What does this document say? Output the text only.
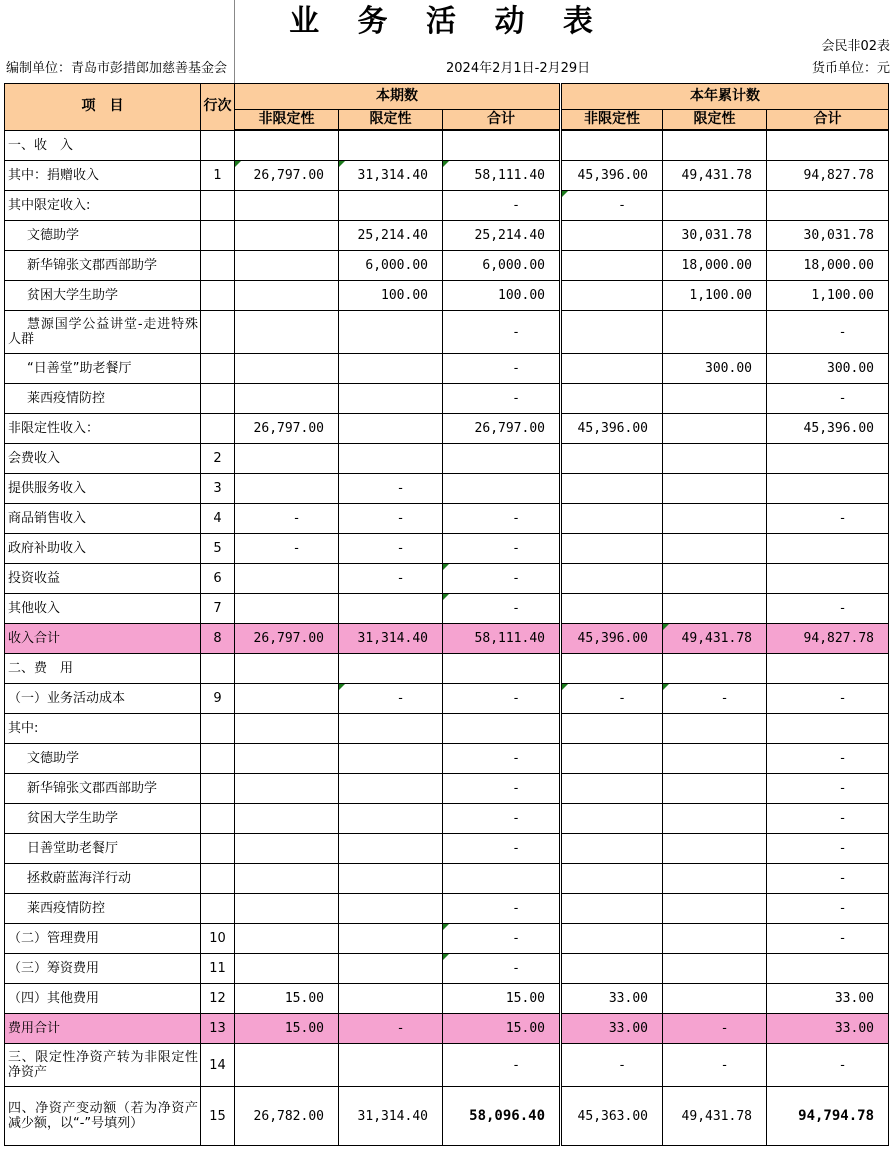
业 务 活 动 表
会民非02表
编制单位：青岛市彭措郎加慈善基金会	2024年2月1日-2月29日	货币单位：元
项　目	行次	本期数			本年累计数		
		非限定性	限定性	合计	非限定性	限定性	合计
一、收　入							
其中：捐赠收入	1	26,797.00	31,314.40	58,111.40	45,396.00	49,431.78	94,827.78
其中限定收入:				-	-		
文德助学			25,214.40	25,214.40		30,031.78	30,031.78
新华锦张文郡西部助学			6,000.00	6,000.00		18,000.00	18,000.00
贫困大学生助学			100.00	100.00		1,100.00	1,100.00
慧源国学公益讲堂-走进特殊人群				-			-
“日善堂”助老餐厅				-		300.00	300.00
莱西疫情防控				-			-
非限定性收入：		26,797.00		26,797.00	45,396.00		45,396.00
会费收入	2						
提供服务收入	3		-				
商品销售收入	4	-	-	-			-
政府补助收入	5	-	-	-			
投资收益	6		-	-			
其他收入	7			-			-
收入合计	8	26,797.00	31,314.40	58,111.40	45,396.00	49,431.78	94,827.78
二、费　用							
（一）业务活动成本	9		-	-	-	-	-
其中:							
文德助学				-			-
新华锦张文郡西部助学				-			-
贫困大学生助学				-			-
日善堂助老餐厅				-			-
拯救蔚蓝海洋行动							-
莱西疫情防控				-			-
（二）管理费用	10			-			-
（三）筹资费用	11			-			
（四）其他费用	12	15.00		15.00	33.00		33.00
费用合计	13	15.00	-	15.00	33.00	-	33.00
三、限定性净资产转为非限定性净资产	14			-	-	-	-
四、净资产变动额（若为净资产减少额，以“-”号填列）	15	26,782.00	31,314.40	58,096.40	45,363.00	49,431.78	94,794.78
